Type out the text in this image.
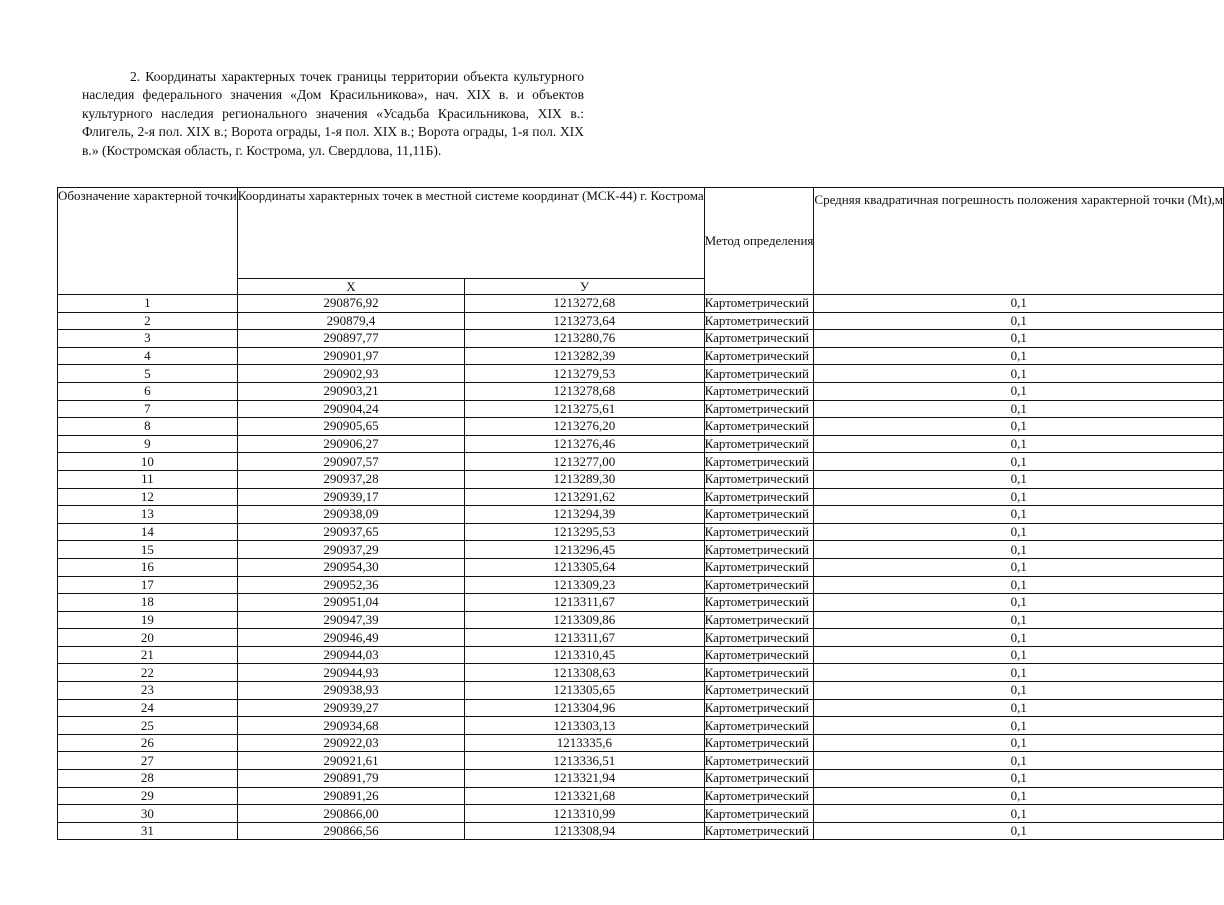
2. Координаты характерных точек границы территории объекта культурного наследия федерального значения «Дом Красильникова», нач. XIX в. и объектов культурного наследия регионального значения «Усадьба Красильникова, XIX в.: Флигель, 2-я пол. XIX в.; Ворота ограды, 1-я пол. XIX в.; Ворота ограды, 1-я пол. XIX в.» (Костромская область, г. Кострома, ул. Свердлова, 11,11Б).
Обозначение характерной точки	Координаты характерных точек в местной системе координат (МСК-44) г. Кострома		Метод определения	Средняя квадратичная погрешность положения характерной точки (Mt),м
	X	У		
1	290876,92	1213272,68	Картометрический	0,1
2	290879,4	1213273,64	Картометрический	0,1
3	290897,77	1213280,76	Картометрический	0,1
4	290901,97	1213282,39	Картометрический	0,1
5	290902,93	1213279,53	Картометрический	0,1
6	290903,21	1213278,68	Картометрический	0,1
7	290904,24	1213275,61	Картометрический	0,1
8	290905,65	1213276,20	Картометрический	0,1
9	290906,27	1213276,46	Картометрический	0,1
10	290907,57	1213277,00	Картометрический	0,1
11	290937,28	1213289,30	Картометрический	0,1
12	290939,17	1213291,62	Картометрический	0,1
13	290938,09	1213294,39	Картометрический	0,1
14	290937,65	1213295,53	Картометрический	0,1
15	290937,29	1213296,45	Картометрический	0,1
16	290954,30	1213305,64	Картометрический	0,1
17	290952,36	1213309,23	Картометрический	0,1
18	290951,04	1213311,67	Картометрический	0,1
19	290947,39	1213309,86	Картометрический	0,1
20	290946,49	1213311,67	Картометрический	0,1
21	290944,03	1213310,45	Картометрический	0,1
22	290944,93	1213308,63	Картометрический	0,1
23	290938,93	1213305,65	Картометрический	0,1
24	290939,27	1213304,96	Картометрический	0,1
25	290934,68	1213303,13	Картометрический	0,1
26	290922,03	1213335,6	Картометрический	0,1
27	290921,61	1213336,51	Картометрический	0,1
28	290891,79	1213321,94	Картометрический	0,1
29	290891,26	1213321,68	Картометрический	0,1
30	290866,00	1213310,99	Картометрический	0,1
31	290866,56	1213308,94	Картометрический	0,1
